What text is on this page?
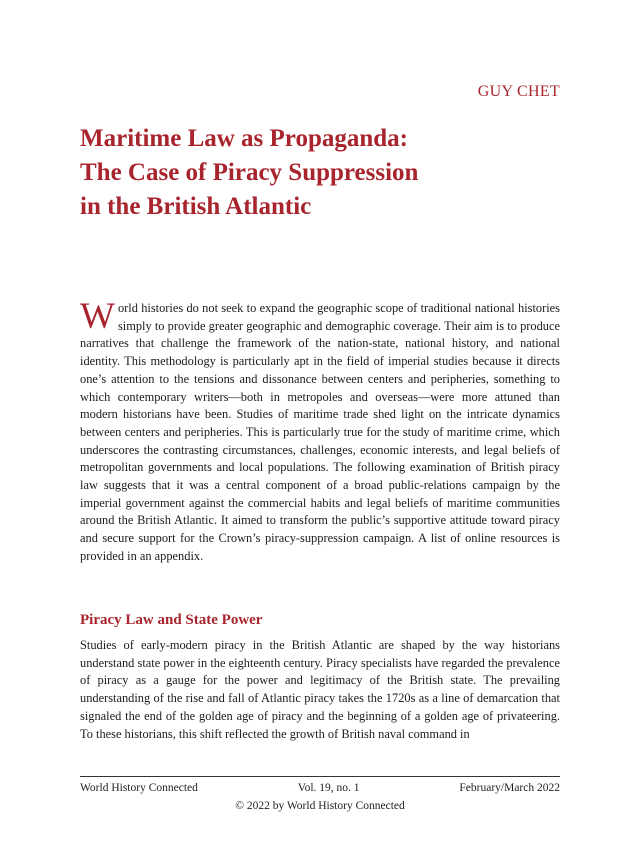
GUY CHET
Maritime Law as Propaganda:
The Case of Piracy Suppression
in the British Atlantic

World histories do not seek to expand the geographic scope of traditional national histories simply to provide greater geographic and demographic coverage. Their aim is to produce narratives that challenge the framework of the nation-state, national history, and national identity. This methodology is particularly apt in the field of imperial studies because it directs one’s attention to the tensions and dissonance between centers and peripheries, something to which contemporary writers—both in metropoles and overseas—were more attuned than modern historians have been. Studies of maritime trade shed light on the intricate dynamics between centers and peripheries. This is particularly true for the study of maritime crime, which underscores the contrasting circumstances, challenges, economic interests, and legal beliefs of metropolitan governments and local populations. The following examination of British piracy law suggests that it was a central component of a broad public-relations campaign by the imperial government against the commercial habits and legal beliefs of maritime communities around the British Atlantic. It aimed to transform the public’s supportive attitude toward piracy and secure support for the Crown’s piracy-suppression campaign. A list of online resources is provided in an appendix.

Piracy Law and State Power

Studies of early-modern piracy in the British Atlantic are shaped by the way historians understand state power in the eighteenth century. Piracy specialists have regarded the prevalence of piracy as a gauge for the power and legitimacy of the British state. The prevailing understanding of the rise and fall of Atlantic piracy takes the 1720s as a line of demarcation that signaled the end of the golden age of piracy and the beginning of a golden age of privateering. To these historians, this shift reflected the growth of British naval command in

World History Connected	Vol. 19, no. 1	February/March 2022
© 2022 by World History Connected
